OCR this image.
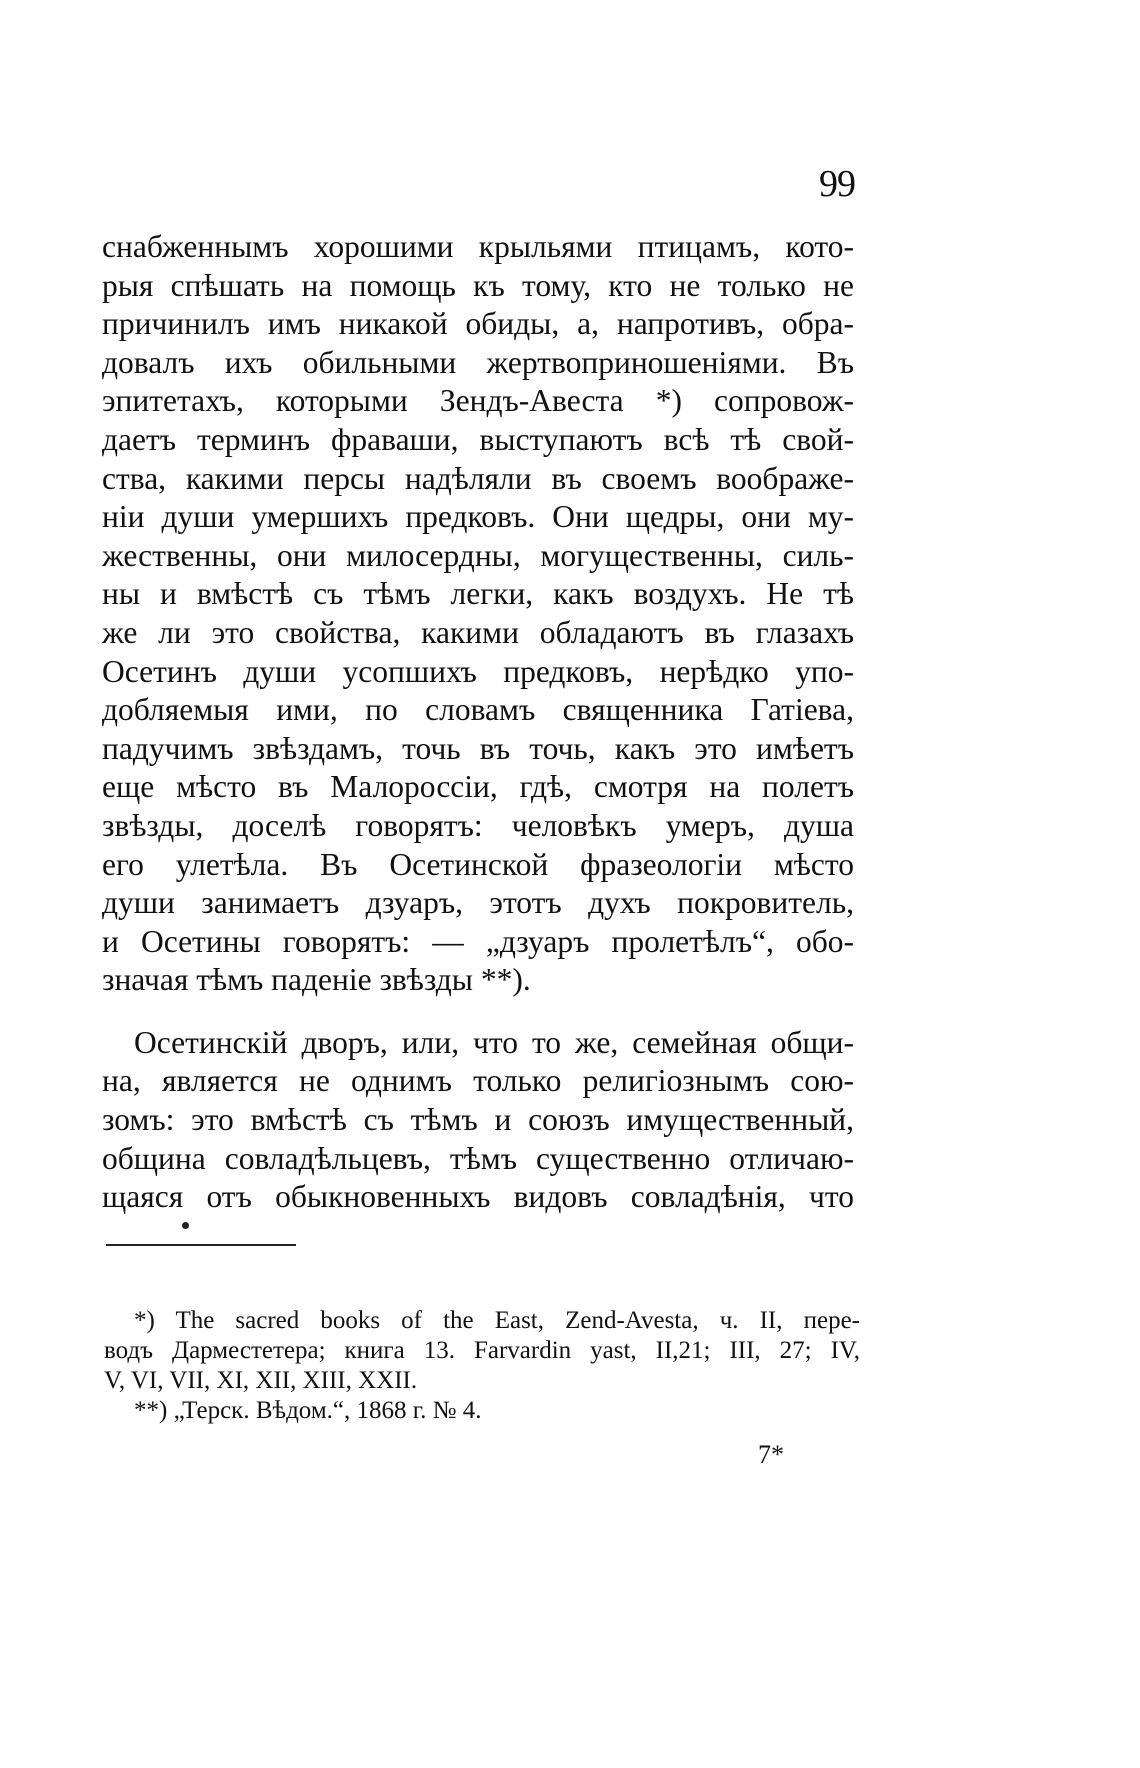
99
снабженнымъ хорошими крыльями птицамъ, кото-
рыя спѣшать на помощь къ тому, кто не только не
причинилъ имъ никакой обиды, а, напротивъ, обра-
довалъ ихъ обильными жертвоприношеніями. Въ
эпитетахъ, которыми Зендъ-Авеста *) сопровож-
даетъ терминъ фраваши, выступаютъ всѣ тѣ свой-
ства, какими персы надѣляли въ своемъ воображе-
ніи души умершихъ предковъ. Они щедры, они му-
жественны, они милосердны, могущественны, силь-
ны и вмѣстѣ съ тѣмъ легки, какъ воздухъ. Не тѣ
же ли это свойства, какими обладаютъ въ глазахъ
Осетинъ души усопшихъ предковъ, нерѣдко упо-
добляемыя ими, по словамъ священника Гатіева,
падучимъ звѣздамъ, точь въ точь, какъ это имѣетъ
еще мѣсто въ Малороссіи, гдѣ, смотря на полетъ
звѣзды, доселѣ говорятъ: человѣкъ умеръ, душа
его улетѣла. Въ Осетинской фразеологіи мѣсто
души занимаетъ дзуаръ, этотъ духъ покровитель,
и Осетины говорятъ: — „дзуаръ пролетѣлъ“, обо-
значая тѣмъ паденіе звѣзды **).
Осетинскій дворъ, или, что то же, семейная общи-
на, является не однимъ только религіознымъ сою-
зомъ: это вмѣстѣ съ тѣмъ и союзъ имущественный,
община совладѣльцевъ, тѣмъ существенно отличаю-
щаяся отъ обыкновенныхъ видовъ совладѣнія, что
*) The sacred books of the East, Zend-Avesta, ч. II, пере-
водъ Дарместетера; книга 13. Farvardin yast, II,21; III, 27; IV,
V, VI, VII, XI, XII, XIII, XXII.
**) „Терск. Вѣдом.“, 1868 г. № 4.
7*
